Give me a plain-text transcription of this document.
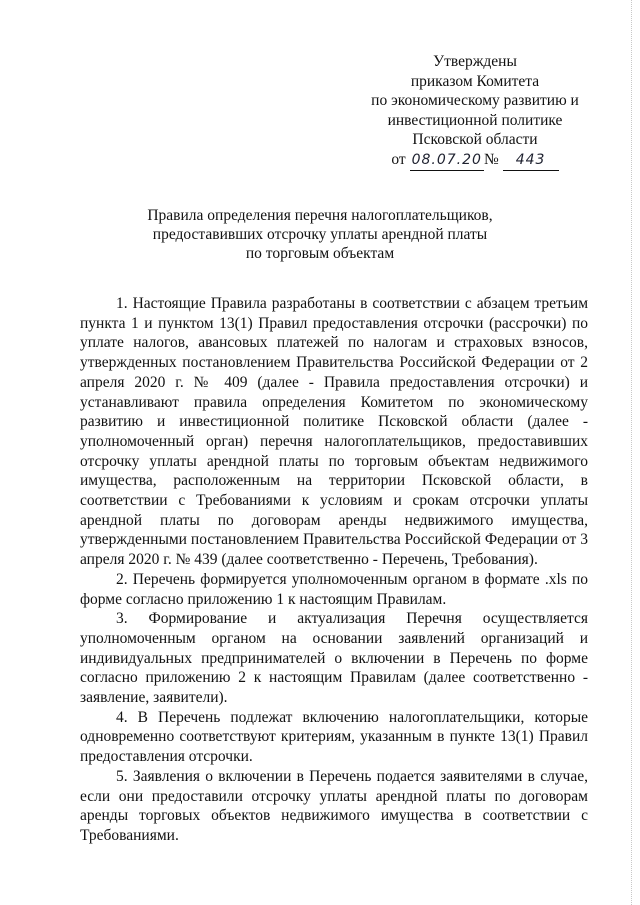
Утверждены
приказом Комитета
по экономическому развитию и
инвестиционной политике
Псковской области
от 08.07.20 № 443
Правила определения перечня налогоплательщиков,
предоставивших отсрочку уплаты арендной платы
по торговым объектам

1. Настоящие Правила разработаны в соответствии с абзацем третьим пункта 1 и пунктом 13(1) Правил предоставления отсрочки (рассрочки) по уплате налогов, авансовых платежей по налогам и страховых взносов, утвержденных постановлением Правительства Российской Федерации от 2 апреля 2020 г. № 409 (далее - Правила предоставления отсрочки) и устанавливают правила определения Комитетом по экономическому развитию и инвестиционной политике Псковской области (далее - уполномоченный орган) перечня налогоплательщиков, предоставивших отсрочку уплаты арендной платы по торговым объектам недвижимого имущества, расположенным на территории Псковской области, в соответствии с Требованиями к условиям и срокам отсрочки уплаты арендной платы по договорам аренды недвижимого имущества, утвержденными постановлением Правительства Российской Федерации от 3 апреля 2020 г. № 439 (далее соответственно - Перечень, Требования).

2. Перечень формируется уполномоченным органом в формате .xls по форме согласно приложению 1 к настоящим Правилам.

3. Формирование и актуализация Перечня осуществляется уполномоченным органом на основании заявлений организаций и индивидуальных предпринимателей о включении в Перечень по форме согласно приложению 2 к настоящим Правилам (далее соответственно - заявление, заявители).

4. В Перечень подлежат включению налогоплательщики, которые одновременно соответствуют критериям, указанным в пункте 13(1) Правил предоставления отсрочки.

5. Заявления о включении в Перечень подается заявителями в случае, если они предоставили отсрочку уплаты арендной платы по договорам аренды торговых объектов недвижимого имущества в соответствии с Требованиями.
